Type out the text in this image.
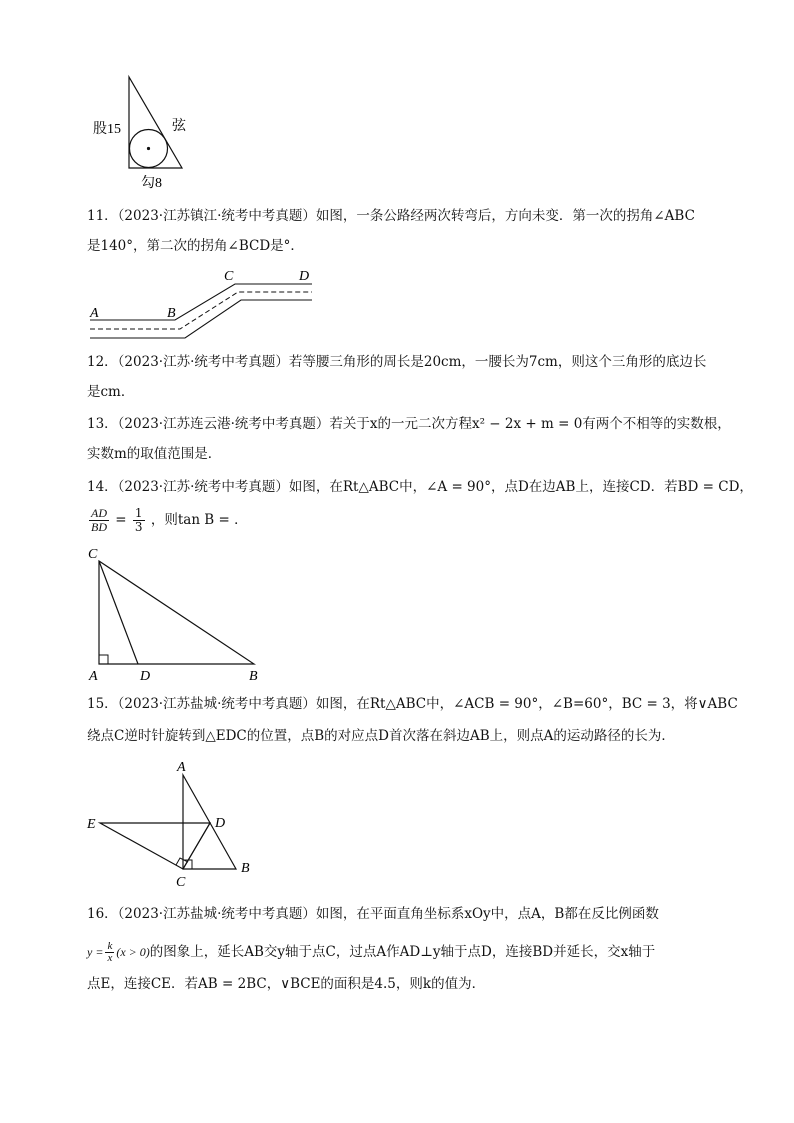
股15	弦
勾8
11．（2023·江苏镇江·统考中考真题）如图，一条公路经两次转弯后，方向未变．第一次的拐角∠ABC
是140°，第二次的拐角∠BCD是°．
A	B
C	D
12．（2023·江苏·统考中考真题）若等腰三角形的周长是20cm，一腰长为7cm，则这个三角形的底边长
是cm．
13．（2023·江苏连云港·统考中考真题）若关于x的一元二次方程x² − 2x + m = 0有两个不相等的实数根，
实数m的取值范围是．
14．（2023·江苏·统考中考真题）如图，在Rt△ABC中，∠A = 90°，点D在边AB上，连接CD．若BD = CD，
$\frac{AD}{BD} = \frac{1}{3}$ ，则tan B = ．
C
A	D	B
15．（2023·江苏盐城·统考中考真题）如图，在Rt△ABC中，∠ACB = 90°，∠B=60°，BC = 3，将∨ABC
绕点C逆时针旋转到△EDC的位置，点B的对应点D首次落在斜边AB上，则点A的运动路径的长为．
A
E	D
B
C
16．（2023·江苏盐城·统考中考真题）如图，在平面直角坐标系xOy中，点A，B都在反比例函数
$y = \frac{k}{x} (x > 0)$的图象上，延长AB交y轴于点C，过点A作AD⊥y轴于点D，连接BD并延长，交x轴于
点E，连接CE．若AB = 2BC，∨BCE的面积是4.5，则k的值为．
